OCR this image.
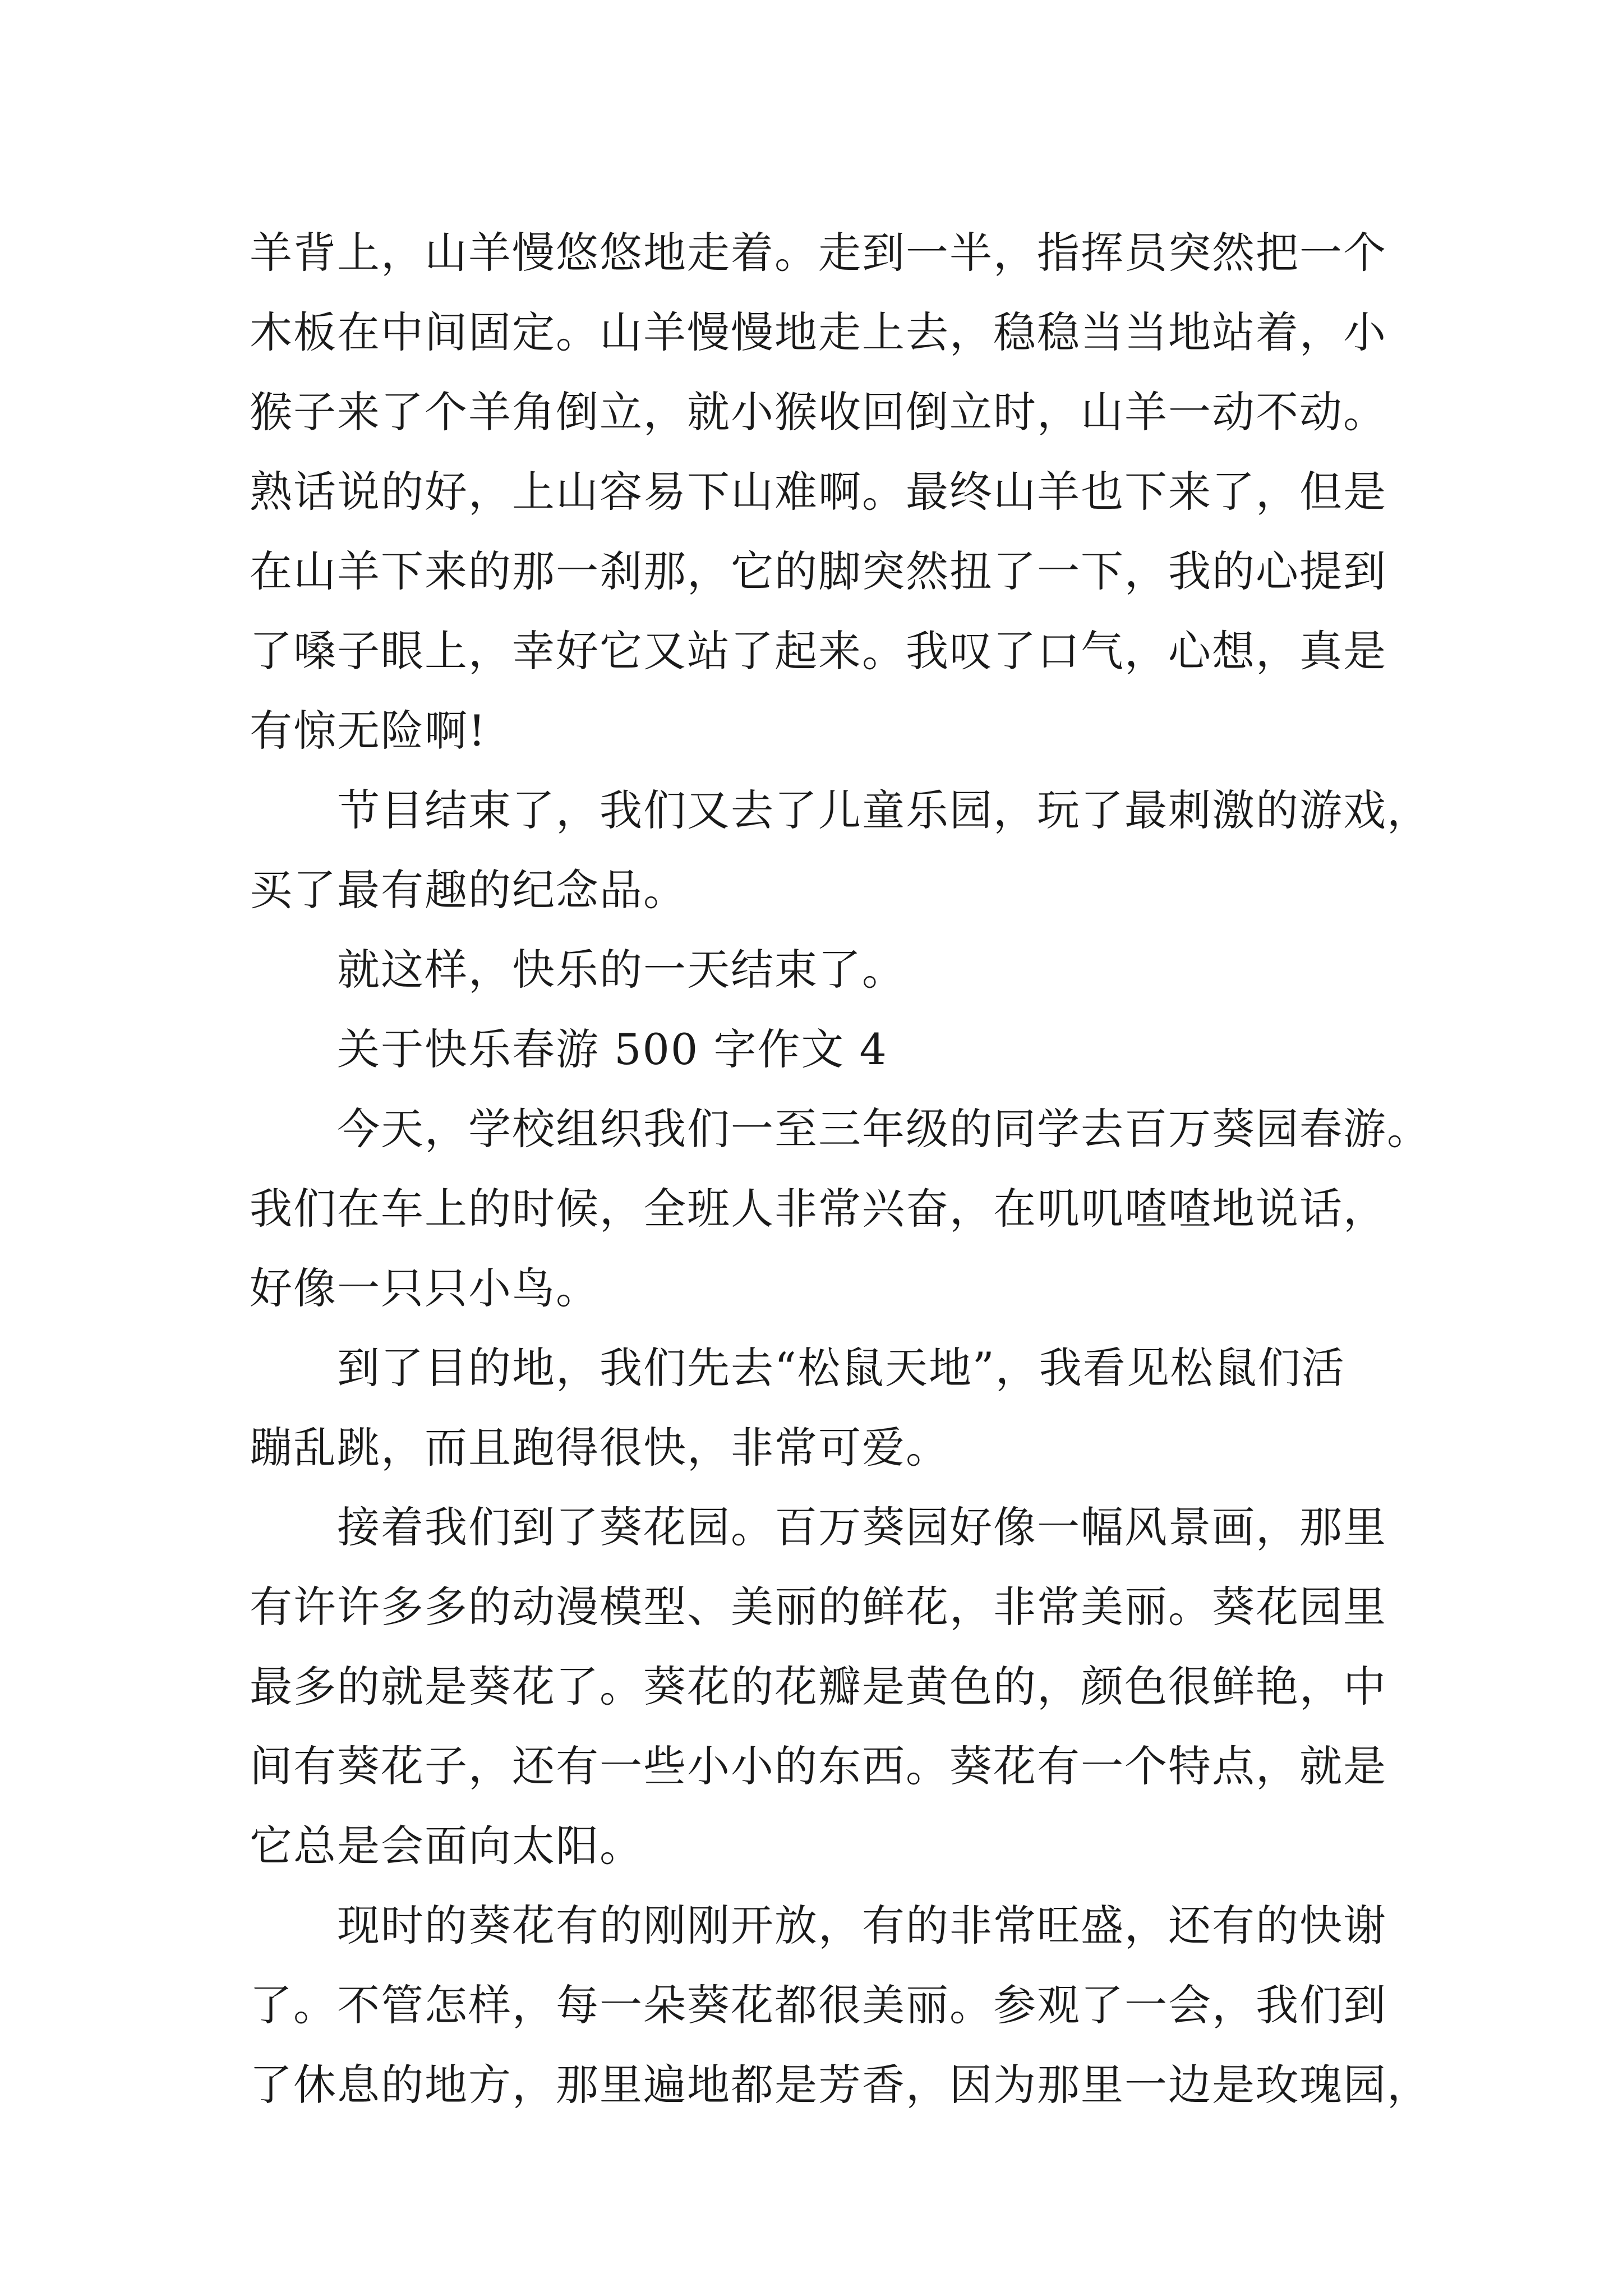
羊背上，山羊慢悠悠地走着。走到一半，指挥员突然把一个
木板在中间固定。山羊慢慢地走上去，稳稳当当地站着，小
猴子来了个羊角倒立，就小猴收回倒立时，山羊一动不动。
熟话说的好，上山容易下山难啊。最终山羊也下来了，但是
在山羊下来的那一刹那，它的脚突然扭了一下，我的心提到
了嗓子眼上，幸好它又站了起来。我叹了口气，心想，真是
有惊无险啊!
节目结束了，我们又去了儿童乐园，玩了最刺激的游戏，
买了最有趣的纪念品。
就这样，快乐的一天结束了。
关于快乐春游 500 字作文 4
今天，学校组织我们一至三年级的同学去百万葵园春游。
我们在车上的时候，全班人非常兴奋，在叽叽喳喳地说话，
好像一只只小鸟。
到了目的地，我们先去“松鼠天地”，我看见松鼠们活
蹦乱跳，而且跑得很快，非常可爱。
接着我们到了葵花园。百万葵园好像一幅风景画，那里
有许许多多的动漫模型、美丽的鲜花，非常美丽。葵花园里
最多的就是葵花了。葵花的花瓣是黄色的，颜色很鲜艳，中
间有葵花子，还有一些小小的东西。葵花有一个特点，就是
它总是会面向太阳。
现时的葵花有的刚刚开放，有的非常旺盛，还有的快谢
了。不管怎样，每一朵葵花都很美丽。参观了一会，我们到
了休息的地方，那里遍地都是芳香，因为那里一边是玫瑰园，
